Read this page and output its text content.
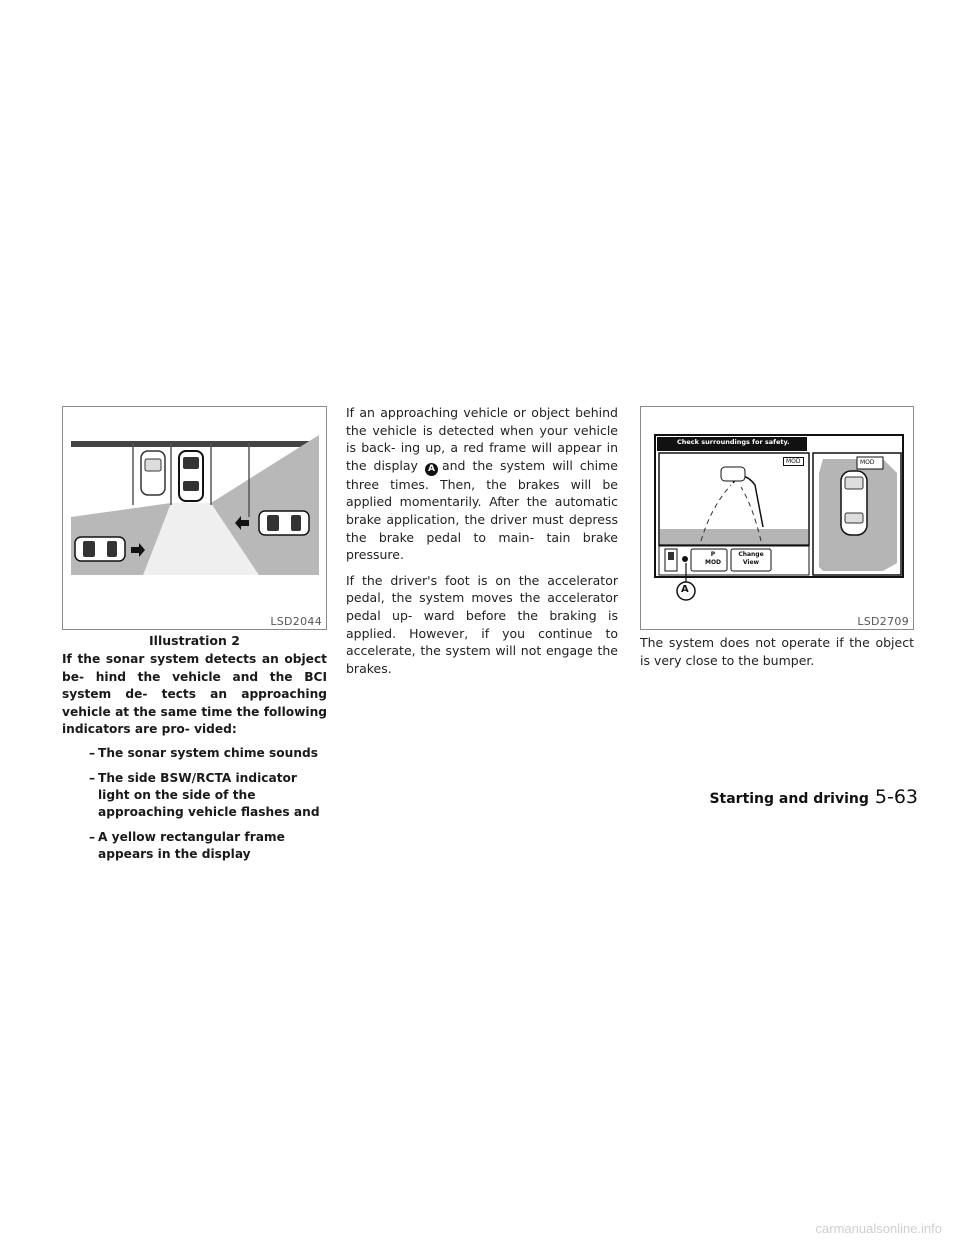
LSD2044
Illustration 2

If the sonar system detects an object be- hind the vehicle and the BCI system de- tects an approaching vehicle at the same time the following indicators are pro- vided:

– The sonar system chime sounds
– The side BSW/RCTA indicator light on the side of the approaching vehicle flashes and
– A yellow rectangular frame appears in the display

If an approaching vehicle or object behind the vehicle is detected when your vehicle is back- ing up, a red frame will appear in the display A and the system will chime three times. Then, the brakes will be applied momentarily. After the automatic brake application, the driver must depress the brake pedal to main- tain brake pressure.

If the driver's foot is on the accelerator pedal, the system moves the accelerator pedal up- ward before the braking is applied. However, if you continue to accelerate, the system will not engage the brakes.

Check surroundings for safety.
MOD	MOD
P
MOD
Change
View
A
LSD2709

The system does not operate if the object is very close to the bumper.

Starting and driving 5-63
carmanualsonline.info
